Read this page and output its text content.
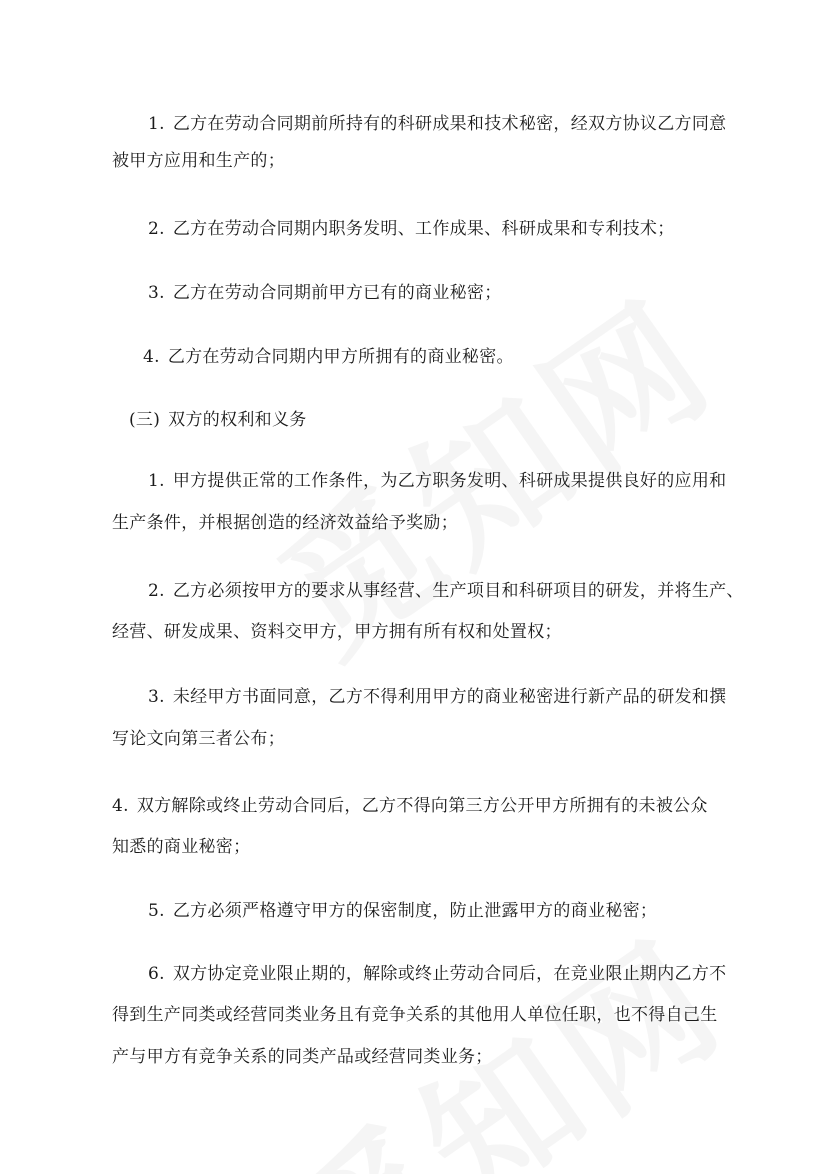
1. 乙方在劳动合同期前所持有的科研成果和技术秘密，经双方协议乙方同意
被甲方应用和生产的；
2. 乙方在劳动合同期内职务发明、工作成果、科研成果和专利技术；
3. 乙方在劳动合同期前甲方已有的商业秘密；
4. 乙方在劳动合同期内甲方所拥有的商业秘密。
(三) 双方的权利和义务
1. 甲方提供正常的工作条件，为乙方职务发明、科研成果提供良好的应用和
生产条件，并根据创造的经济效益给予奖励；
2. 乙方必须按甲方的要求从事经营、生产项目和科研项目的研发，并将生产、
经营、研发成果、资料交甲方，甲方拥有所有权和处置权；
3. 未经甲方书面同意，乙方不得利用甲方的商业秘密进行新产品的研发和撰
写论文向第三者公布；
4. 双方解除或终止劳动合同后，乙方不得向第三方公开甲方所拥有的未被公众
知悉的商业秘密；
5. 乙方必须严格遵守甲方的保密制度，防止泄露甲方的商业秘密；
6. 双方协定竞业限止期的，解除或终止劳动合同后，在竞业限止期内乙方不
得到生产同类或经营同类业务且有竞争关系的其他用人单位任职，也不得自己生
产与甲方有竞争关系的同类产品或经营同类业务；
